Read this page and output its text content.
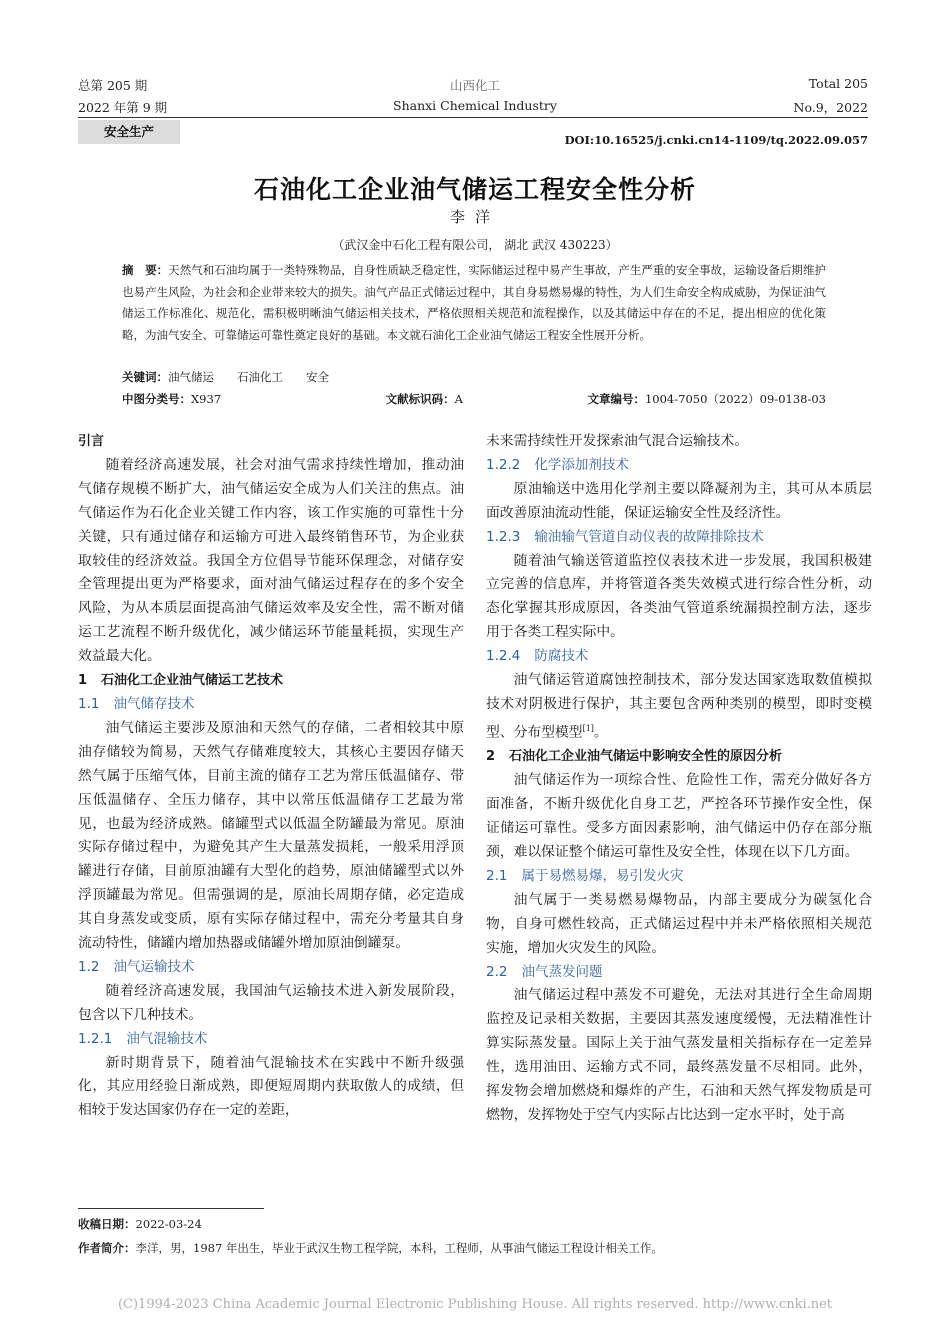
总第 205 期
2022 年第 9 期
山西化工
Shanxi Chemical Industry
Total 205
No.9，2022
安全生产
DOI:10.16525/j.cnki.cn14-1109/tq.2022.09.057
石油化工企业油气储运工程安全性分析
李洋
（武汉金中石化工程有限公司， 湖北 武汉 430223）
摘　要：天然气和石油均属于一类特殊物品，自身性质缺乏稳定性，实际储运过程中易产生事故，产生严重的安全事故，运输设备后期维护也易产生风险，为社会和企业带来较大的损失。油气产品正式储运过程中，其自身易燃易爆的特性，为人们生命安全构成威胁，为保证油气储运工作标准化、规范化，需积极明晰油气储运相关技术，严格依照相关规范和流程操作，以及其储运中存在的不足，提出相应的优化策略，为油气安全、可靠储运可靠性奠定良好的基础。本文就石油化工企业油气储运工程安全性展开分析。
关键词：油气储运　　石油化工　　安全
中图分类号：X937	文献标识码：A	文章编号：1004-7050（2022）09-0138-03

引言

随着经济高速发展，社会对油气需求持续性增加，推动油气储存规模不断扩大，油气储运安全成为人们关注的焦点。油气储运作为石化企业关键工作内容，该工作实施的可靠性十分关键，只有通过储存和运输方可进入最终销售环节，为企业获取较佳的经济效益。我国全方位倡导节能环保理念，对储存安全管理提出更为严格要求，面对油气储运过程存在的多个安全风险，为从本质层面提高油气储运效率及安全性，需不断对储运工艺流程不断升级优化，减少储运环节能量耗损，实现生产效益最大化。

1 石油化工企业油气储运工艺技术

1.1 油气储存技术

油气储运主要涉及原油和天然气的存储，二者相较其中原油存储较为简易，天然气存储难度较大，其核心主要因存储天然气属于压缩气体，目前主流的储存工艺为常压低温储存、带压低温储存、全压力储存，其中以常压低温储存工艺最为常见，也最为经济成熟。储罐型式以低温全防罐最为常见。原油实际存储过程中，为避免其产生大量蒸发损耗，一般采用浮顶罐进行存储，目前原油罐有大型化的趋势，原油储罐型式以外浮顶罐最为常见。但需强调的是，原油长周期存储，必定造成其自身蒸发或变质，原有实际存储过程中，需充分考量其自身流动特性，储罐内增加热器或储罐外增加原油倒罐泵。

1.2 油气运输技术

随着经济高速发展，我国油气运输技术进入新发展阶段，包含以下几种技术。

1.2.1 油气混输技术

新时期背景下，随着油气混输技术在实践中不断升级强化，其应用经验日渐成熟，即便短周期内获取傲人的成绩，但相较于发达国家仍存在一定的差距，

未来需持续性开发探索油气混合运输技术。

1.2.2 化学添加剂技术

原油输送中选用化学剂主要以降凝剂为主，其可从本质层面改善原油流动性能，保证运输安全性及经济性。

1.2.3 输油输气管道自动仪表的故障排除技术

随着油气输送管道监控仪表技术进一步发展，我国积极建立完善的信息库，并将管道各类失效模式进行综合性分析，动态化掌握其形成原因，各类油气管道系统漏损控制方法，逐步用于各类工程实际中。

1.2.4 防腐技术

油气储运管道腐蚀控制技术，部分发达国家选取数值模拟技术对阴极进行保护，其主要包含两种类别的模型，即时变模型、分布型模型[1]。

2 石油化工企业油气储运中影响安全性的原因分析

油气储运作为一项综合性、危险性工作，需充分做好各方面准备，不断升级优化自身工艺，严控各环节操作安全性，保证储运可靠性。受多方面因素影响，油气储运中仍存在部分瓶颈，难以保证整个储运可靠性及安全性，体现在以下几方面。

2.1 属于易燃易爆，易引发火灾

油气属于一类易燃易爆物品，内部主要成分为碳氢化合物，自身可燃性较高，正式储运过程中并未严格依照相关规范实施，增加火灾发生的风险。

2.2 油气蒸发问题

油气储运过程中蒸发不可避免，无法对其进行全生命周期监控及记录相关数据，主要因其蒸发速度缓慢，无法精准性计算实际蒸发量。国际上关于油气蒸发量相关指标存在一定差异性，选用油田、运输方式不同，最终蒸发量不尽相同。此外，挥发物会增加燃烧和爆炸的产生，石油和天然气挥发物质是可燃物，发挥物处于空气内实际占比达到一定水平时，处于高

收稿日期：2022-03-24
作者简介：李洋，男，1987 年出生，毕业于武汉生物工程学院，本科，工程师，从事油气储运工程设计相关工作。
(C)1994-2023 China Academic Journal Electronic Publishing House. All rights reserved. http://www.cnki.net
